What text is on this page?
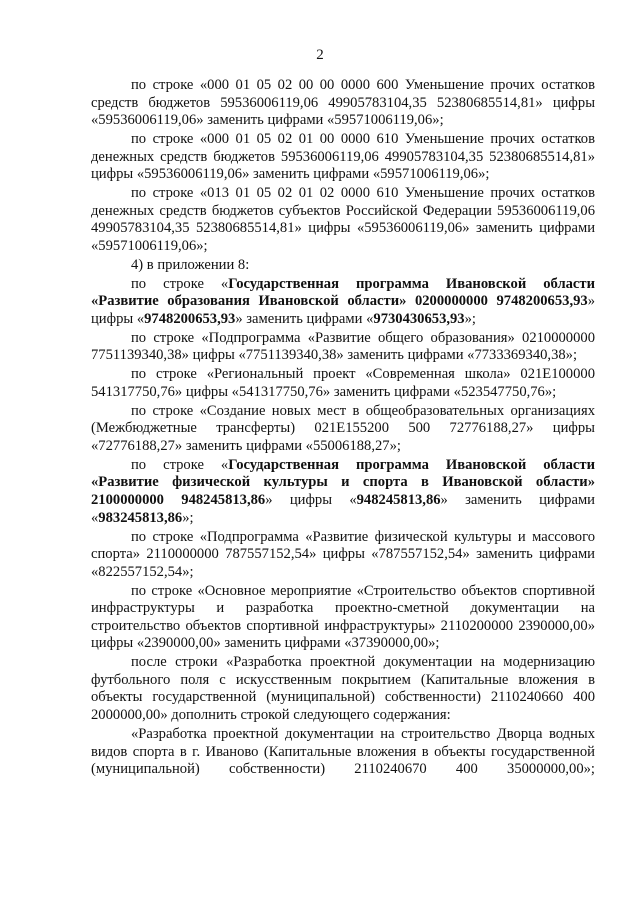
2

по строке «000 01 05 02 00 00 0000 600 Уменьшение прочих остатков средств бюджетов 59536006119,06 49905783104,35 52380685514,81» цифры «59536006119,06» заменить цифрами «59571006119,06»;

по строке «000 01 05 02 01 00 0000 610 Уменьшение прочих остатков денежных средств бюджетов 59536006119,06 49905783104,35 52380685514,81» цифры «59536006119,06» заменить цифрами «59571006119,06»;

по строке «013 01 05 02 01 02 0000 610 Уменьшение прочих остатков денежных средств бюджетов субъектов Российской Федерации 59536006119,06 49905783104,35 52380685514,81» цифры «59536006119,06» заменить цифрами «59571006119,06»;

4) в приложении 8:

по строке «Государственная программа Ивановской области «Развитие образования Ивановской области» 0200000000 9748200653,93» цифры «9748200653,93» заменить цифрами «9730430653,93»;

по строке «Подпрограмма «Развитие общего образования» 0210000000 7751139340,38» цифры «7751139340,38» заменить цифрами «7733369340,38»;

по строке «Региональный проект «Современная школа» 021E100000 541317750,76» цифры «541317750,76» заменить цифрами «523547750,76»;

по строке «Создание новых мест в общеобразовательных организациях (Межбюджетные трансферты) 021E155200 500 72776188,27» цифры «72776188,27» заменить цифрами «55006188,27»;

по строке «Государственная программа Ивановской области «Развитие физической культуры и спорта в Ивановской области» 2100000000 948245813,86» цифры «948245813,86» заменить цифрами «983245813,86»;

по строке «Подпрограмма «Развитие физической культуры и массового спорта» 2110000000 787557152,54» цифры «787557152,54» заменить цифрами «822557152,54»;

по строке «Основное мероприятие «Строительство объектов спортивной инфраструктуры и разработка проектно-сметной документации на строительство объектов спортивной инфраструктуры» 2110200000 2390000,00» цифры «2390000,00» заменить цифрами «37390000,00»;

после строки «Разработка проектной документации на модернизацию футбольного поля с искусственным покрытием (Капитальные вложения в объекты государственной (муниципальной) собственности) 2110240660 400 2000000,00» дополнить строкой следующего содержания:

«Разработка проектной документации на строительство Дворца водных видов спорта в г. Иваново (Капитальные вложения в объекты государственной (муниципальной) собственности) 2110240670 400 35000000,00»;
